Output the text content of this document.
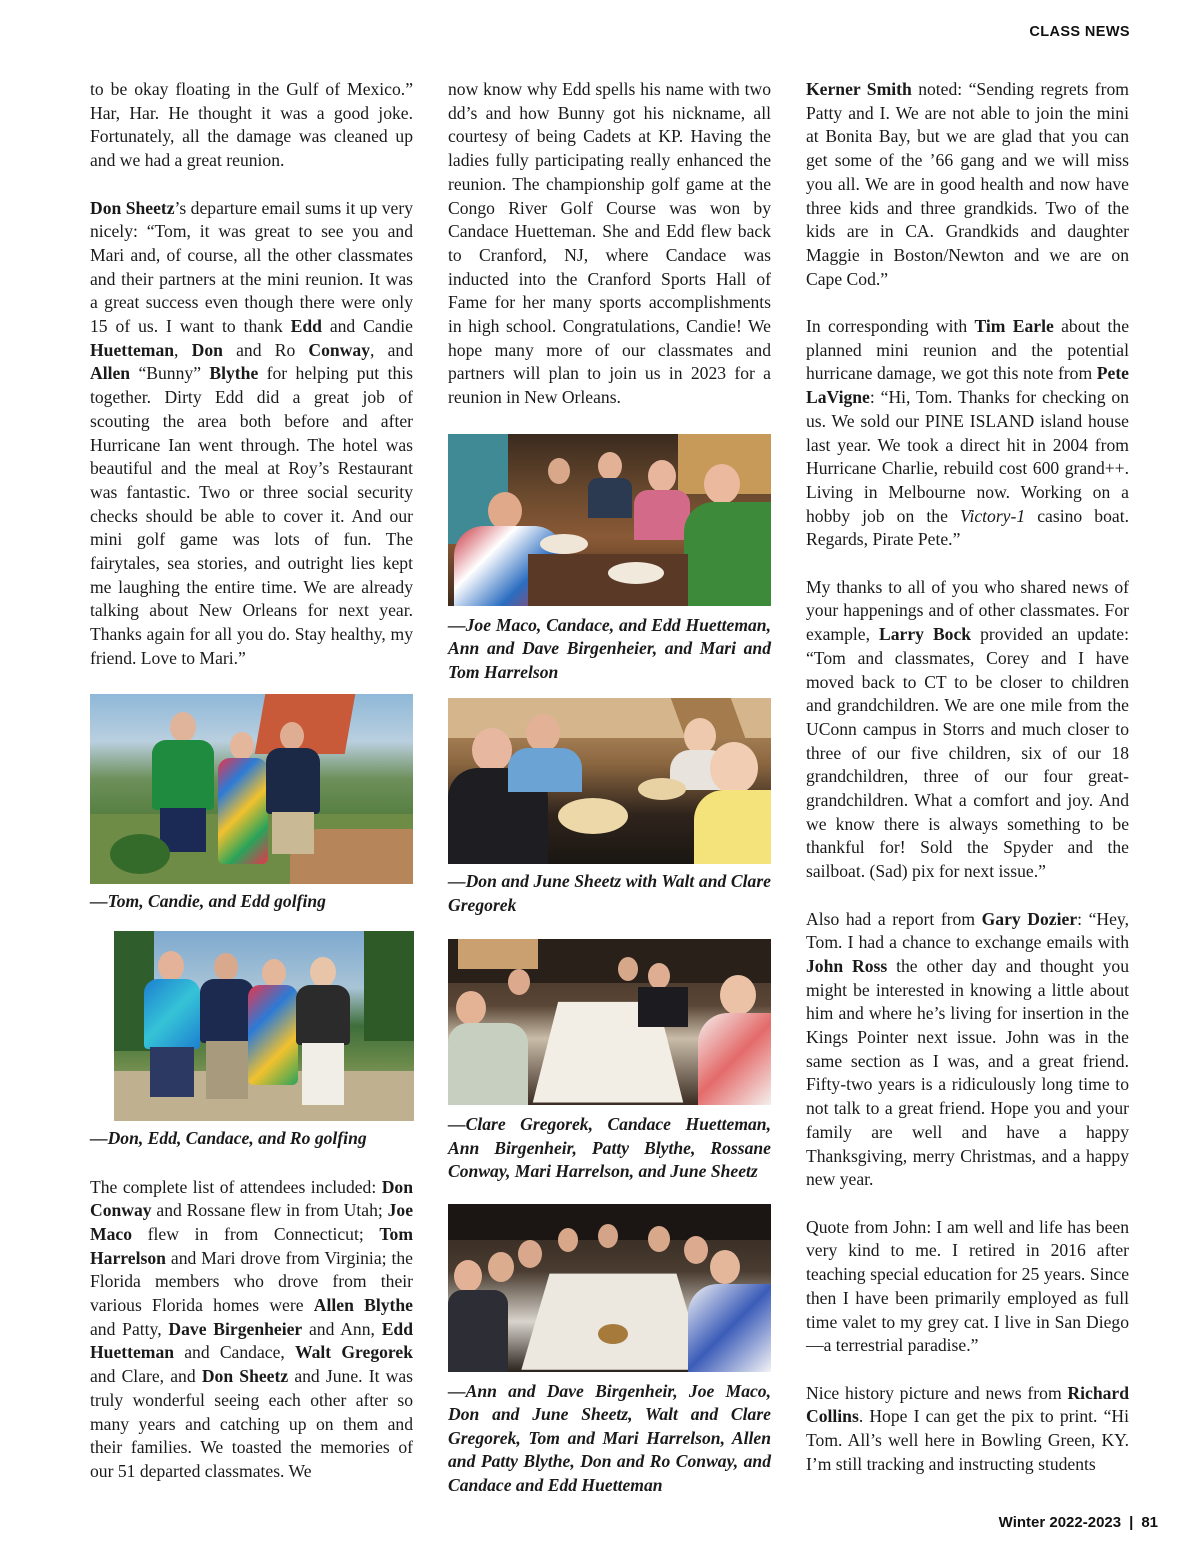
CLASS NEWS

to be okay floating in the Gulf of Mexico.” Har, Har. He thought it was a good joke. Fortunately, all the damage was cleaned up and we had a great reunion.

Don Sheetz’s departure email sums it up very nicely: “Tom, it was great to see you and Mari and, of course, all the other classmates and their partners at the mini reunion. It was a great success even though there were only 15 of us. I want to thank Edd and Candie Huetteman, Don and Ro Conway, and Allen “Bunny” Blythe for helping put this together. Dirty Edd did a great job of scouting the area both before and after Hurricane Ian went through. The hotel was beautiful and the meal at Roy’s Restaurant was fantastic. Two or three social security checks should be able to cover it. And our mini golf game was lots of fun. The fairytales, sea stories, and outright lies kept me laughing the entire time. We are already talking about New Orleans for next year. Thanks again for all you do. Stay healthy, my friend. Love to Mari.”

—Tom, Candie, and Edd golfing

—Don, Edd, Candace, and Ro golfing

The complete list of attendees included: Don Conway and Rossane flew in from Utah; Joe Maco flew in from Connecticut; Tom Harrelson and Mari drove from Virginia; the Florida members who drove from their various Florida homes were Allen Blythe and Patty, Dave Birgenheier and Ann, Edd Huetteman and Candace, Walt Gregorek and Clare, and Don Sheetz and June. It was truly wonderful seeing each other after so many years and catching up on them and their families. We toasted the memories of our 51 departed classmates. We

now know why Edd spells his name with two dd’s and how Bunny got his nickname, all courtesy of being Cadets at KP. Having the ladies fully participating really enhanced the reunion. The championship golf game at the Congo River Golf Course was won by Candace Huetteman. She and Edd flew back to Cranford, NJ, where Candace was inducted into the Cranford Sports Hall of Fame for her many sports accomplishments in high school. Congratulations, Candie! We hope many more of our classmates and partners will plan to join us in 2023 for a reunion in New Orleans.

—Joe Maco, Candace, and Edd Huetteman, Ann and Dave Birgenheier, and Mari and Tom Harrelson

—Don and June Sheetz with Walt and Clare Gregorek

—Clare Gregorek, Candace Huetteman, Ann Birgenheir, Patty Blythe, Rossane Conway, Mari Harrelson, and June Sheetz

—Ann and Dave Birgenheir, Joe Maco, Don and June Sheetz, Walt and Clare Gregorek, Tom and Mari Harrelson, Allen and Patty Blythe, Don and Ro Conway, and Candace and Edd Huetteman

Kerner Smith noted: “Sending regrets from Patty and I. We are not able to join the mini at Bonita Bay, but we are glad that you can get some of the ’66 gang and we will miss you all. We are in good health and now have three kids and three grandkids. Two of the kids are in CA. Grandkids and daughter Maggie in Boston/Newton and we are on Cape Cod.”

In corresponding with Tim Earle about the planned mini reunion and the potential hurricane damage, we got this note from Pete LaVigne: “Hi, Tom. Thanks for checking on us. We sold our PINE ISLAND island house last year. We took a direct hit in 2004 from Hurricane Charlie, rebuild cost 600 grand++. Living in Melbourne now. Working on a hobby job on the Victory-1 casino boat. Regards, Pirate Pete.”

My thanks to all of you who shared news of your happenings and of other classmates. For example, Larry Bock provided an update: “Tom and classmates, Corey and I have moved back to CT to be closer to children and grandchildren. We are one mile from the UConn campus in Storrs and much closer to three of our five children, six of our 18 grandchildren, three of our four great-grandchildren. What a comfort and joy. And we know there is always something to be thankful for! Sold the Spyder and the sailboat. (Sad) pix for next issue.”

Also had a report from Gary Dozier: “Hey, Tom. I had a chance to exchange emails with John Ross the other day and thought you might be interested in knowing a little about him and where he’s living for insertion in the Kings Pointer next issue. John was in the same section as I was, and a great friend. Fifty-two years is a ridiculously long time to not talk to a great friend. Hope you and your family are well and have a happy Thanksgiving, merry Christmas, and a happy new year.

Quote from John: I am well and life has been very kind to me. I retired in 2016 after teaching special education for 25 years. Since then I have been primarily employed as full time valet to my grey cat. I live in San Diego—a terrestrial paradise.”

Nice history picture and news from Richard Collins. Hope I can get the pix to print. “Hi Tom. All’s well here in Bowling Green, KY. I’m still tracking and instructing students

Winter 2022-2023 | 81
